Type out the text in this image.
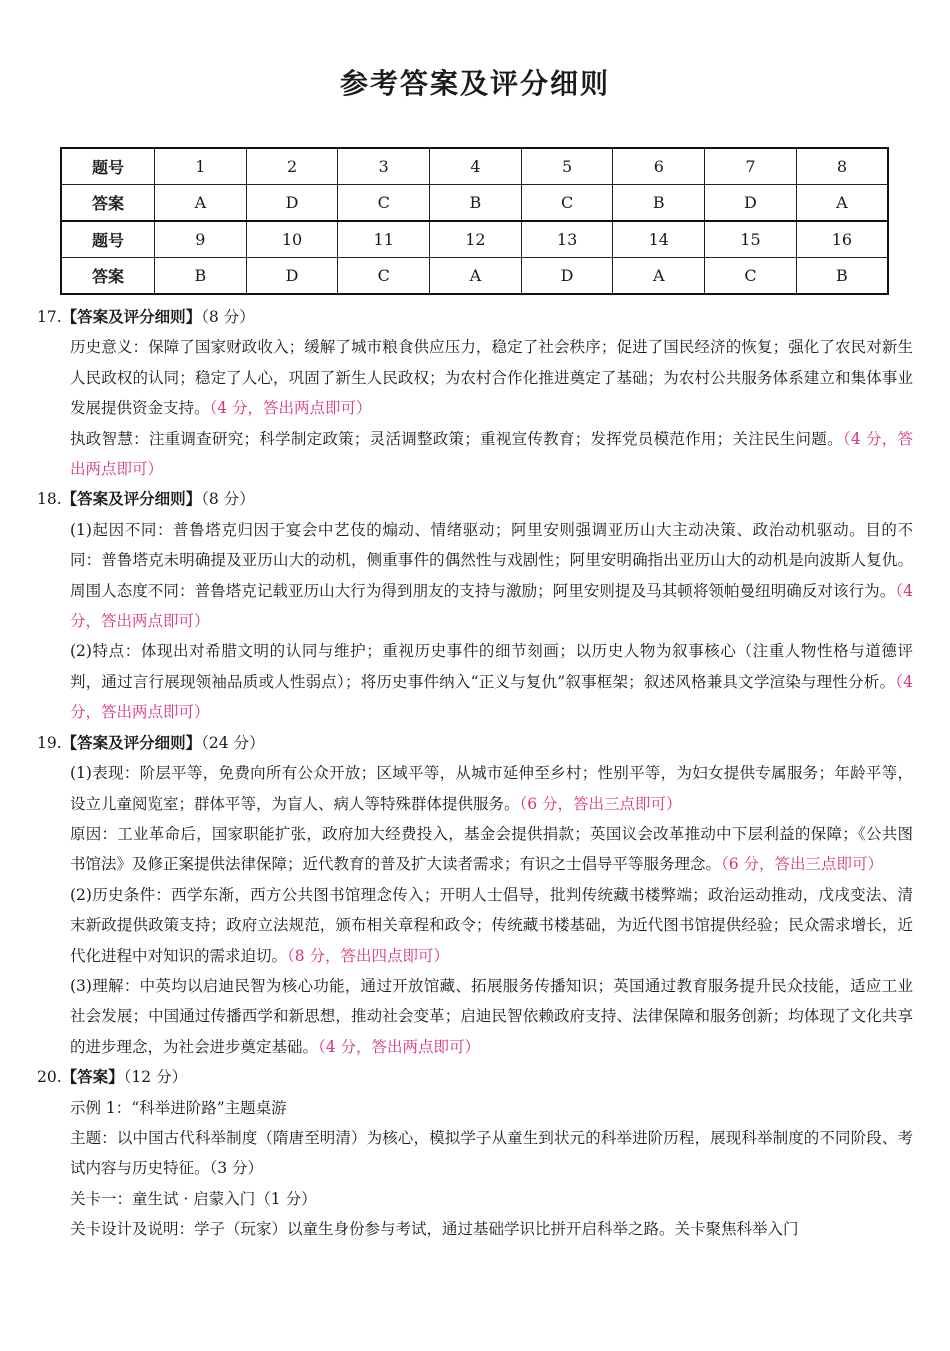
参考答案及评分细则
题号	1	2	3	4	5	6	7	8
答案	A	D	C	B	C	B	D	A
题号	9	10	11	12	13	14	15	16
答案	B	D	C	A	D	A	C	B

17.【答案及评分细则】（8 分）

历史意义：保障了国家财政收入；缓解了城市粮食供应压力，稳定了社会秩序；促进了国民经济的恢复；强化了农民对新生人民政权的认同；稳定了人心，巩固了新生人民政权；为农村合作化推进奠定了基础；为农村公共服务体系建立和集体事业发展提供资金支持。（4 分，答出两点即可）

执政智慧：注重调查研究；科学制定政策；灵活调整政策；重视宣传教育；发挥党员模范作用；关注民生问题。（4 分，答出两点即可）

18.【答案及评分细则】（8 分）

(1)起因不同：普鲁塔克归因于宴会中艺伎的煽动、情绪驱动；阿里安则强调亚历山大主动决策、政治动机驱动。目的不同：普鲁塔克未明确提及亚历山大的动机，侧重事件的偶然性与戏剧性；阿里安明确指出亚历山大的动机是向波斯人复仇。周围人态度不同：普鲁塔克记载亚历山大行为得到朋友的支持与激励；阿里安则提及马其顿将领帕曼纽明确反对该行为。（4 分，答出两点即可）

(2)特点：体现出对希腊文明的认同与维护；重视历史事件的细节刻画；以历史人物为叙事核心（注重人物性格与道德评判，通过言行展现领袖品质或人性弱点）；将历史事件纳入“正义与复仇”叙事框架；叙述风格兼具文学渲染与理性分析。（4 分，答出两点即可）

19.【答案及评分细则】（24 分）

(1)表现：阶层平等，免费向所有公众开放；区域平等，从城市延伸至乡村；性别平等，为妇女提供专属服务；年龄平等，设立儿童阅览室；群体平等，为盲人、病人等特殊群体提供服务。（6 分，答出三点即可）

原因：工业革命后，国家职能扩张，政府加大经费投入，基金会提供捐款；英国议会改革推动中下层利益的保障；《公共图书馆法》及修正案提供法律保障；近代教育的普及扩大读者需求；有识之士倡导平等服务理念。（6 分，答出三点即可）

(2)历史条件：西学东渐，西方公共图书馆理念传入；开明人士倡导，批判传统藏书楼弊端；政治运动推动，戊戌变法、清末新政提供政策支持；政府立法规范，颁布相关章程和政令；传统藏书楼基础，为近代图书馆提供经验；民众需求增长，近代化进程中对知识的需求迫切。（8 分，答出四点即可）

(3)理解：中英均以启迪民智为核心功能，通过开放馆藏、拓展服务传播知识；英国通过教育服务提升民众技能，适应工业社会发展；中国通过传播西学和新思想，推动社会变革；启迪民智依赖政府支持、法律保障和服务创新；均体现了文化共享的进步理念，为社会进步奠定基础。（4 分，答出两点即可）

20.【答案】（12 分）

示例 1：“科举进阶路”主题桌游

主题：以中国古代科举制度（隋唐至明清）为核心，模拟学子从童生到状元的科举进阶历程，展现科举制度的不同阶段、考试内容与历史特征。（3 分）

关卡一：童生试 · 启蒙入门（1 分）

关卡设计及说明：学子（玩家）以童生身份参与考试，通过基础学识比拼开启科举之路。关卡聚焦科举入门
